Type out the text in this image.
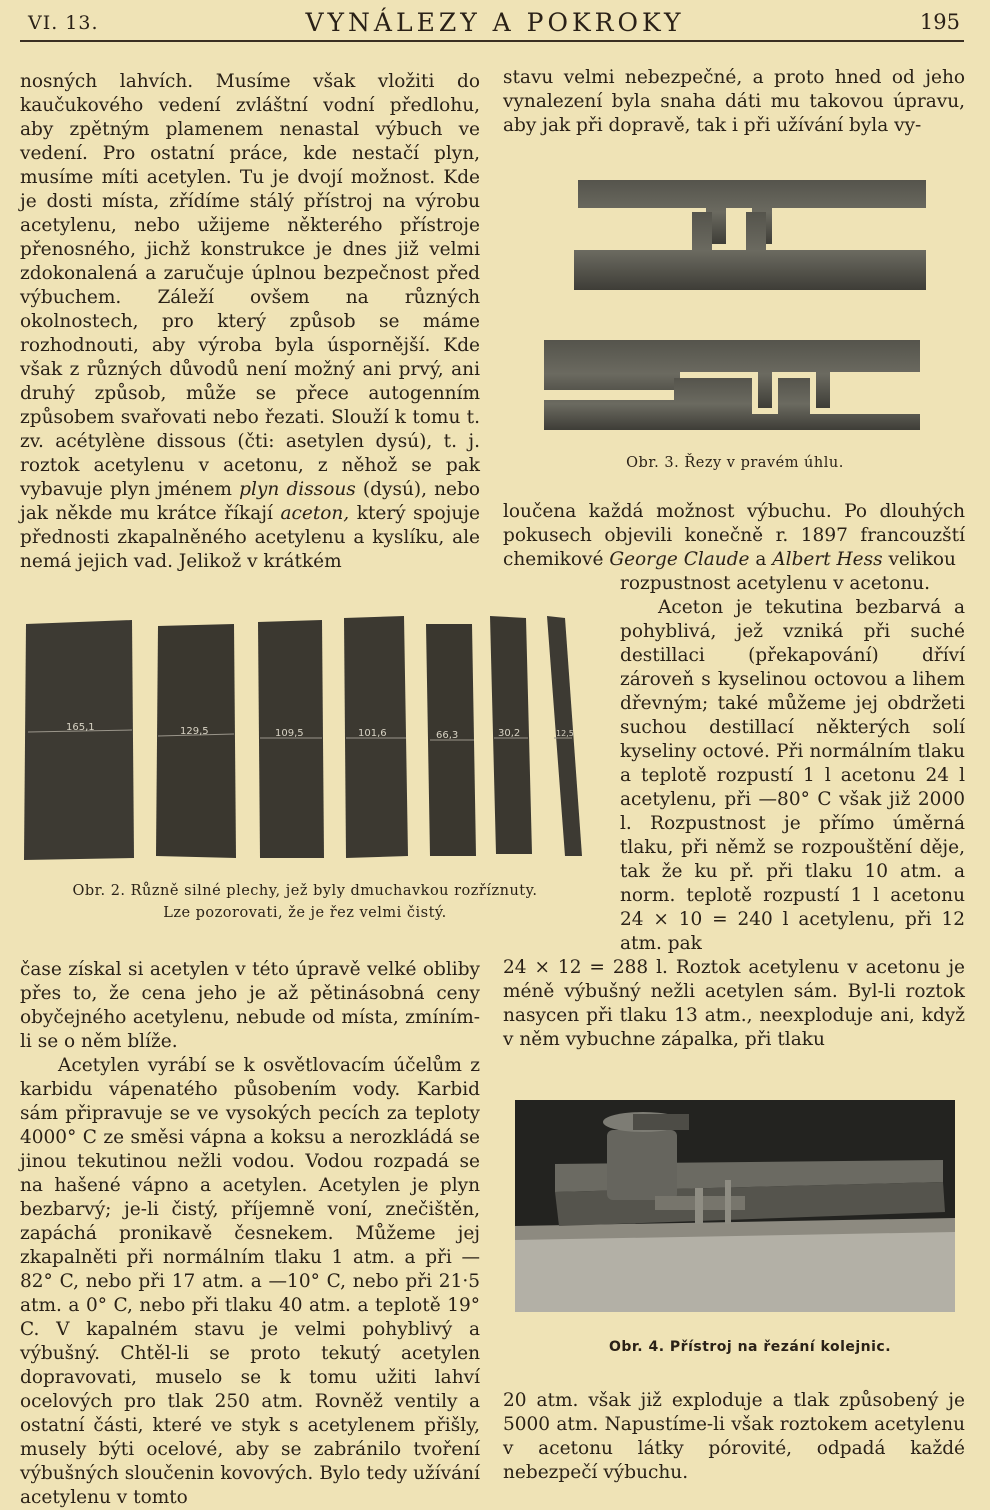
VI. 13.	VYNÁLEZY A POKROKY	195
nosných lahvích. Musíme však vložiti do kaučukového vedení zvláštní vodní předlohu, aby zpětným plamenem nenastal výbuch ve vedení. Pro ostatní práce, kde nestačí plyn, musíme míti acetylen. Tu je dvojí možnost. Kde je dosti místa, zřídíme stálý přístroj na výrobu acetylenu, nebo užijeme některého přístroje přenosného, jichž konstrukce je dnes již velmi zdokonalená a zaručuje úplnou bezpečnost před výbuchem. Záleží ovšem na různých okolnostech, pro který způsob se máme rozhodnouti, aby výroba byla úspornější. Kde však z různých důvodů není možný ani prvý, ani druhý způsob, může se přece autogenním způsobem svařovati nebo řezati. Slouží k tomu t. zv. acétylène dissous (čti: asetylen dysú), t. j. roztok acetylenu v acetonu, z něhož se pak vybavuje plyn jménem plyn dissous (dysú), nebo jak někde mu krátce říkají aceton, který spojuje přednosti zkapalněného acetylenu a kyslíku, ale nemá jejich vad. Jelikož v krátkém
stavu velmi nebezpečné, a proto hned od jeho vynalezení byla snaha dáti mu takovou úpravu, aby jak při dopravě, tak i při užívání byla vy-
Obr. 3. Řezy v pravém úhlu.
loučena každá možnost výbuchu. Po dlouhých pokusech objevili konečně r. 1897 francouzští chemikové George Claude a Albert Hess velikou
rozpustnost acetylenu v acetonu.
Aceton je tekutina bezbarvá a pohyblivá, jež vzniká při suché destillaci (překapování) dříví zároveň s kyselinou octovou a lihem dřevným; také můžeme jej obdržeti suchou destillací některých solí kyseliny octové. Při normálním tlaku a teplotě rozpustí 1 l acetonu 24 l acetylenu, při —80° C však již 2000 l. Rozpustnost je přímo úměrná tlaku, při němž se rozpouštění děje, tak že ku př. při tlaku 10 atm. a norm. teplotě rozpustí 1 l acetonu 24 × 10 = 240 l acetylenu, při 12 atm. pak
24 × 12 = 288 l. Roztok acetylenu v acetonu je méně výbušný nežli acetylen sám. Byl-li roztok nasycen při tlaku 13 atm., neexploduje ani, když v něm vybuchne zápalka, při tlaku
165,1	129,5	109,5	101,6	66,3	30,2	12,5
Obr. 2. Různě silné plechy, jež byly dmuchavkou rozříznuty.
Lze pozorovati, že je řez velmi čistý.

čase získal si acetylen v této úpravě velké obliby přes to, že cena jeho je až pětinásobná ceny obyčejného acetylenu, nebude od místa, zmíním-li se o něm blíže.

Acetylen vyrábí se k osvětlovacím účelům z karbidu vápenatého působením vody. Karbid sám připravuje se ve vysokých pecích za teploty 4000° C ze směsi vápna a koksu a nerozkládá se jinou tekutinou nežli vodou. Vodou rozpadá se na hašené vápno a acetylen. Acetylen je plyn bezbarvý; je-li čistý, příjemně voní, znečištěn, zapáchá pronikavě česnekem. Můžeme jej zkapalněti při normálním tlaku 1 atm. a při —82° C, nebo při 17 atm. a —10° C, nebo při 21·5 atm. a 0° C, nebo při tlaku 40 atm. a teplotě 19° C. V kapalném stavu je velmi pohyblivý a výbušný. Chtěl-li se proto tekutý acetylen dopravovati, muselo se k tomu užiti lahví ocelových pro tlak 250 atm. Rovněž ventily a ostatní části, které ve styk s acetylenem přišly, musely býti ocelové, aby se zabránilo tvoření výbušných sloučenin kovových. Bylo tedy užívání acetylenu v tomto

Obr. 4. Přístroj na řezání kolejnic.
20 atm. však již exploduje a tlak způsobený je 5000 atm. Napustíme-li však roztokem acetylenu v acetonu látky pórovité, odpadá každé nebezpečí výbuchu.
